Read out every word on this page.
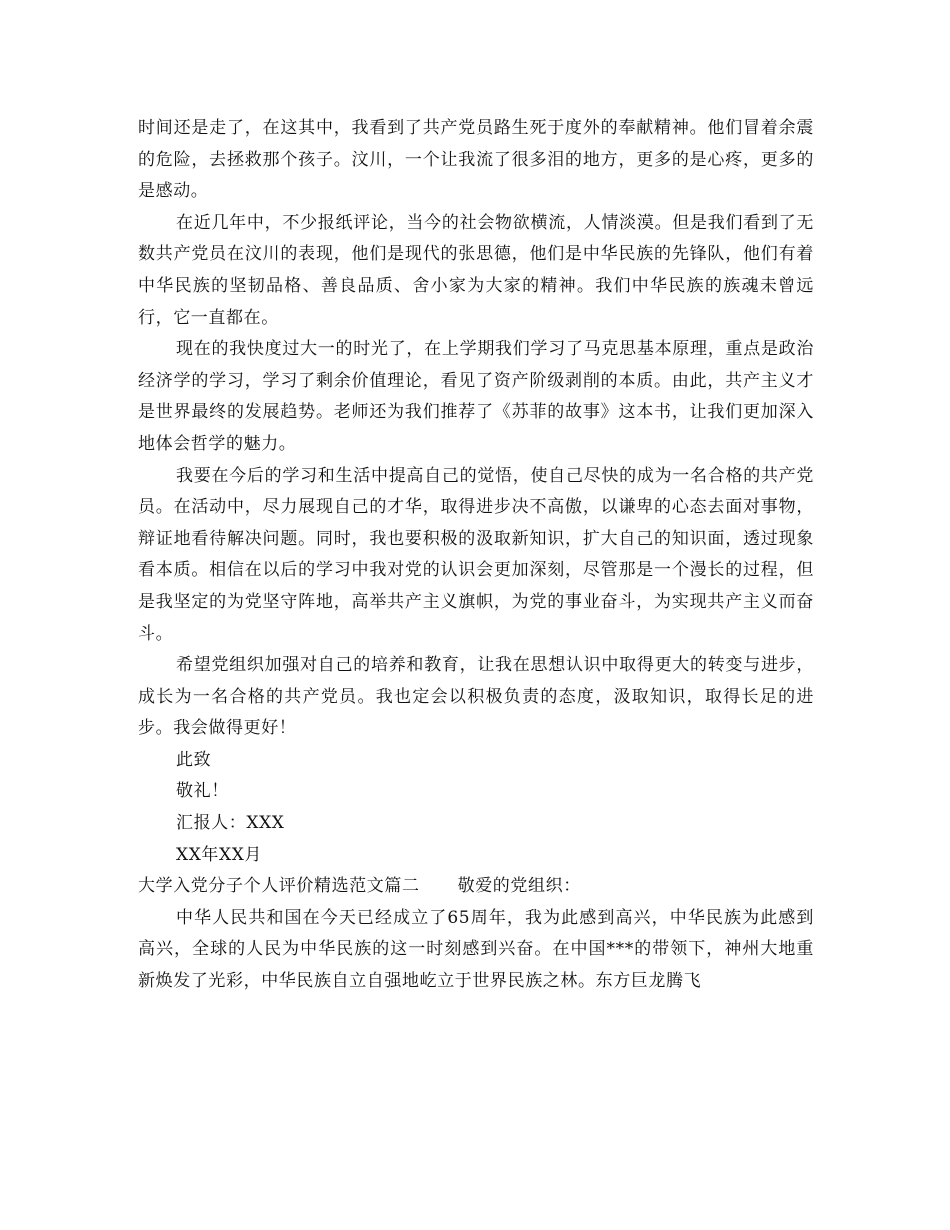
时间还是走了，在这其中，我看到了共产党员路生死于度外的奉献精神。他们冒着余震的危险，去拯救那个孩子。汶川，一个让我流了很多泪的地方，更多的是心疼，更多的是感动。

在近几年中，不少报纸评论，当今的社会物欲横流，人情淡漠。但是我们看到了无数共产党员在汶川的表现，他们是现代的张思德，他们是中华民族的先锋队，他们有着中华民族的坚韧品格、善良品质、舍小家为大家的精神。我们中华民族的族魂未曾远行，它一直都在。

现在的我快度过大一的时光了，在上学期我们学习了马克思基本原理，重点是政治经济学的学习，学习了剩余价值理论，看见了资产阶级剥削的本质。由此，共产主义才是世界最终的发展趋势。老师还为我们推荐了《苏菲的故事》这本书，让我们更加深入地体会哲学的魅力。

我要在今后的学习和生活中提高自己的觉悟，使自己尽快的成为一名合格的共产党员。在活动中，尽力展现自己的才华，取得进步决不高傲，以谦卑的心态去面对事物，辩证地看待解决问题。同时，我也要积极的汲取新知识，扩大自己的知识面，透过现象看本质。相信在以后的学习中我对党的认识会更加深刻，尽管那是一个漫长的过程，但是我坚定的为党坚守阵地，高举共产主义旗帜，为党的事业奋斗，为实现共产主义而奋斗。

希望党组织加强对自己的培养和教育，让我在思想认识中取得更大的转变与进步，成长为一名合格的共产党员。我也定会以积极负责的态度，汲取知识，取得长足的进步。我会做得更好！

此致

敬礼！

汇报人：XXX

XX年XX月

大学入党分子个人评价精选范文篇二 敬爱的党组织：

中华人民共和国在今天已经成立了65周年，我为此感到高兴，中华民族为此感到高兴，全球的人民为中华民族的这一时刻感到兴奋。在中国***的带领下，神州大地重新焕发了光彩，中华民族自立自强地屹立于世界民族之林。东方巨龙腾飞
